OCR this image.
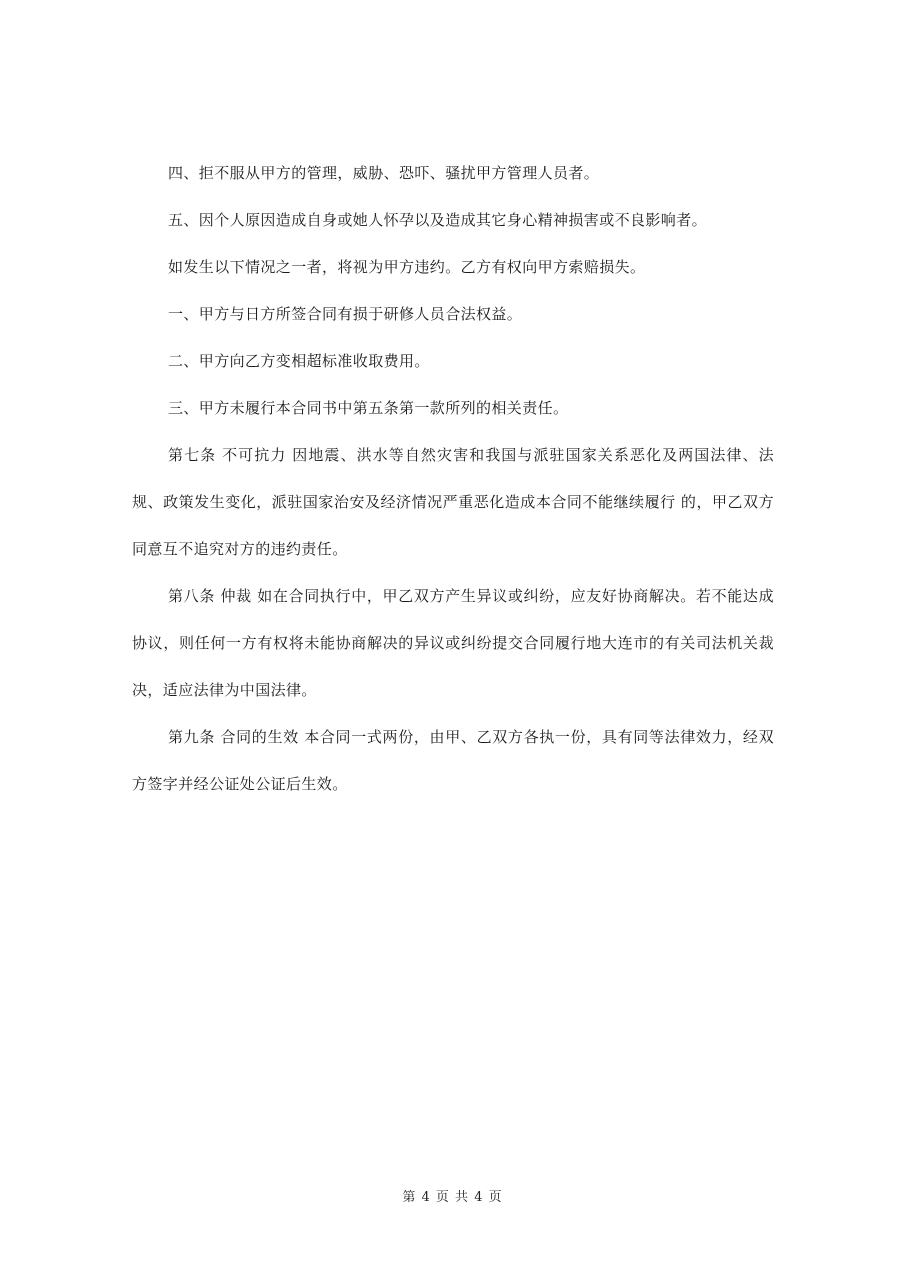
四、拒不服从甲方的管理，威胁、恐吓、骚扰甲方管理人员者。

五、因个人原因造成自身或她人怀孕以及造成其它身心精神损害或不良影响者。

如发生以下情况之一者，将视为甲方违约。乙方有权向甲方索赔损失。

一、甲方与日方所签合同有损于研修人员合法权益。

二、甲方向乙方变相超标准收取费用。

三、甲方未履行本合同书中第五条第一款所列的相关责任。

第七条 不可抗力 因地震、洪水等自然灾害和我国与派驻国家关系恶化及两国法律、法规、政策发生变化，派驻国家治安及经济情况严重恶化造成本合同不能继续履行 的，甲乙双方同意互不追究对方的违约责任。

第八条 仲裁 如在合同执行中，甲乙双方产生异议或纠纷，应友好协商解决。若不能达成协议，则任何一方有权将未能协商解决的异议或纠纷提交合同履行地大连市的有关司法机关裁决，适应法律为中国法律。

第九条 合同的生效 本合同一式两份，由甲、乙双方各执一份，具有同等法律效力，经双方签字并经公证处公证后生效。

第 4 页 共 4 页
